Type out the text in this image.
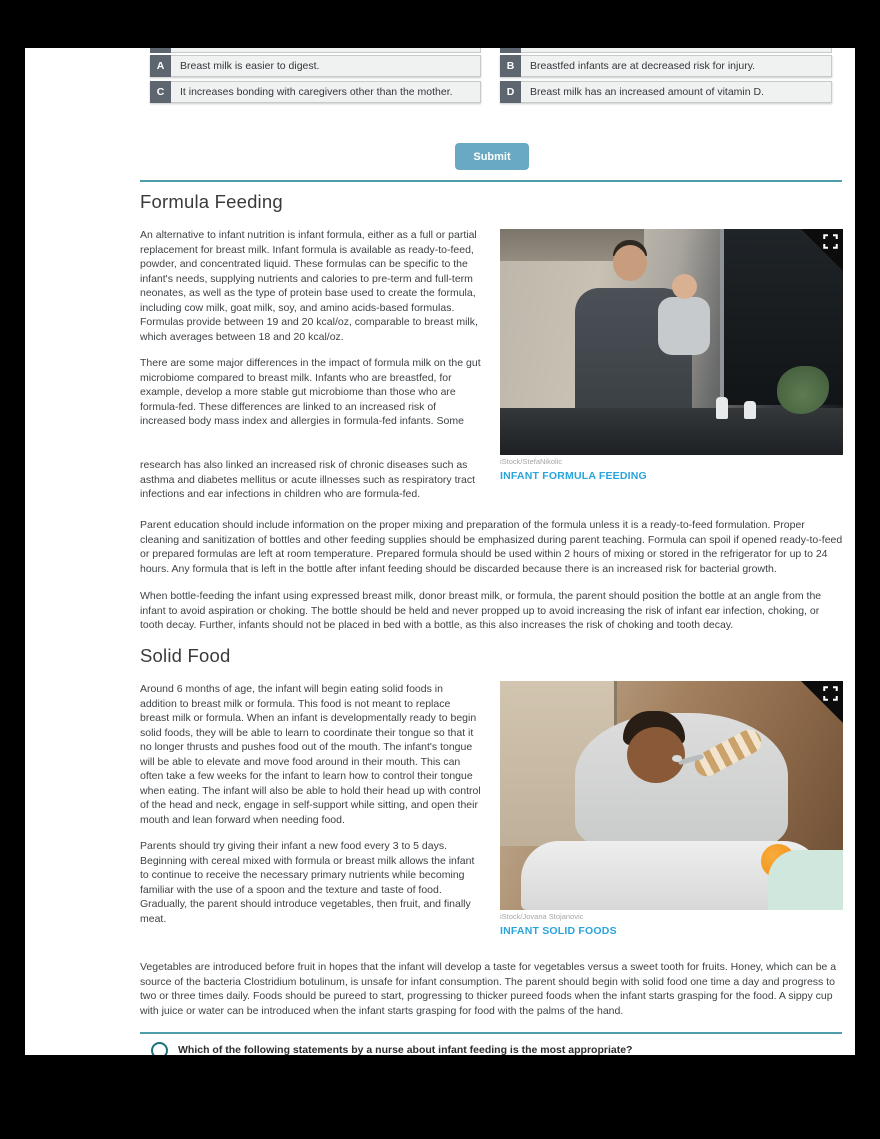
A	Breast milk is easier to digest.	B	Breastfed infants are at decreased risk for injury.
C	It increases bonding with caregivers other than the mother.	D	Breast milk has an increased amount of vitamin D.
Submit
Formula Feeding

An alternative to infant nutrition is infant formula, either as a full or partial replacement for breast milk. Infant formula is available as ready-to-feed, powder, and concentrated liquid. These formulas can be specific to the infant's needs, supplying nutrients and calories to pre-term and full-term neonates, as well as the type of protein base used to create the formula, including cow milk, goat milk, soy, and amino acids-based formulas. Formulas provide between 19 and 20 kcal/oz, comparable to breast milk, which averages between 18 and 20 kcal/oz.

There are some major differences in the impact of formula milk on the gut microbiome compared to breast milk. Infants who are breastfed, for example, develop a more stable gut microbiome than those who are formula-fed. These differences are linked to an increased risk of increased body mass index and allergies in formula-fed infants. Some

research has also linked an increased risk of chronic diseases such as asthma and diabetes mellitus or acute illnesses such as respiratory tract infections and ear infections in children who are formula-fed.

iStock/StefaNikolic
INFANT FORMULA FEEDING

Parent education should include information on the proper mixing and preparation of the formula unless it is a ready-to-feed formulation. Proper cleaning and sanitization of bottles and other feeding supplies should be emphasized during parent teaching. Formula can spoil if opened ready-to-feed or prepared formulas are left at room temperature. Prepared formula should be used within 2 hours of mixing or stored in the refrigerator for up to 24 hours. Any formula that is left in the bottle after infant feeding should be discarded because there is an increased risk for bacterial growth.

When bottle-feeding the infant using expressed breast milk, donor breast milk, or formula, the parent should position the bottle at an angle from the infant to avoid aspiration or choking. The bottle should be held and never propped up to avoid increasing the risk of infant ear infection, choking, or tooth decay. Further, infants should not be placed in bed with a bottle, as this also increases the risk of choking and tooth decay.

Solid Food

Around 6 months of age, the infant will begin eating solid foods in addition to breast milk or formula. This food is not meant to replace breast milk or formula. When an infant is developmentally ready to begin solid foods, they will be able to learn to coordinate their tongue so that it no longer thrusts and pushes food out of the mouth. The infant's tongue will be able to elevate and move food around in their mouth. This can often take a few weeks for the infant to learn how to control their tongue when eating. The infant will also be able to hold their head up with control of the head and neck, engage in self-support while sitting, and open their mouth and lean forward when needing food.

Parents should try giving their infant a new food every 3 to 5 days. Beginning with cereal mixed with formula or breast milk allows the infant to continue to receive the necessary primary nutrients while becoming familiar with the use of a spoon and the texture and taste of food. Gradually, the parent should introduce vegetables, then fruit, and finally meat.	iStock/Jovana Stojanovic
INFANT SOLID FOODS

Vegetables are introduced before fruit in hopes that the infant will develop a taste for vegetables versus a sweet tooth for fruits. Honey, which can be a source of the bacteria Clostridium botulinum, is unsafe for infant consumption. The parent should begin with solid food one time a day and progress to two or three times daily. Foods should be pureed to start, progressing to thicker pureed foods when the infant starts grasping for the food. A sippy cup with juice or water can be introduced when the infant starts grasping for food with the palms of the hand.

Which of the following statements by a nurse about infant feeding is the most appropriate?
